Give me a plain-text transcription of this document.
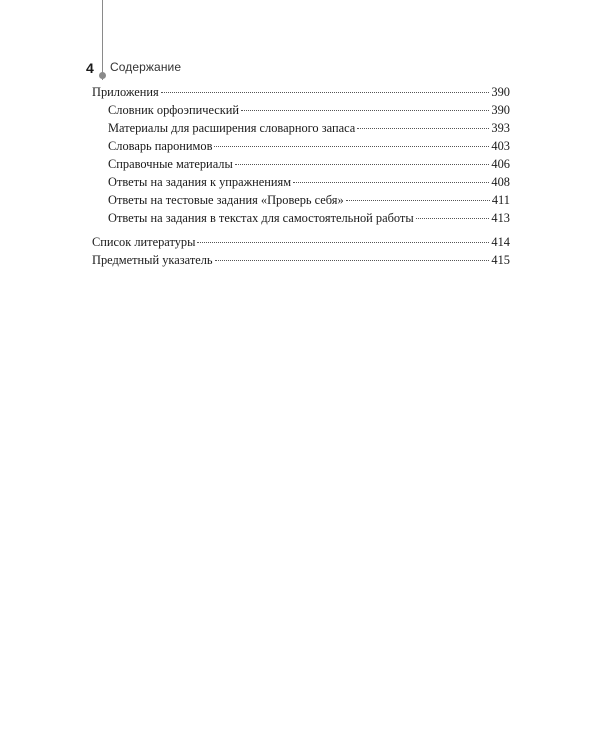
4 Содержание
Приложения	390
Словник орфоэпический	390
Материалы для расширения словарного запаса	393
Словарь паронимов	403
Справочные материалы	406
Ответы на задания к упражнениям	408
Ответы на тестовые задания «Проверь себя»	411
Ответы на задания в текстах для самостоятельной работы	413
Список литературы	414
Предметный указатель	415
